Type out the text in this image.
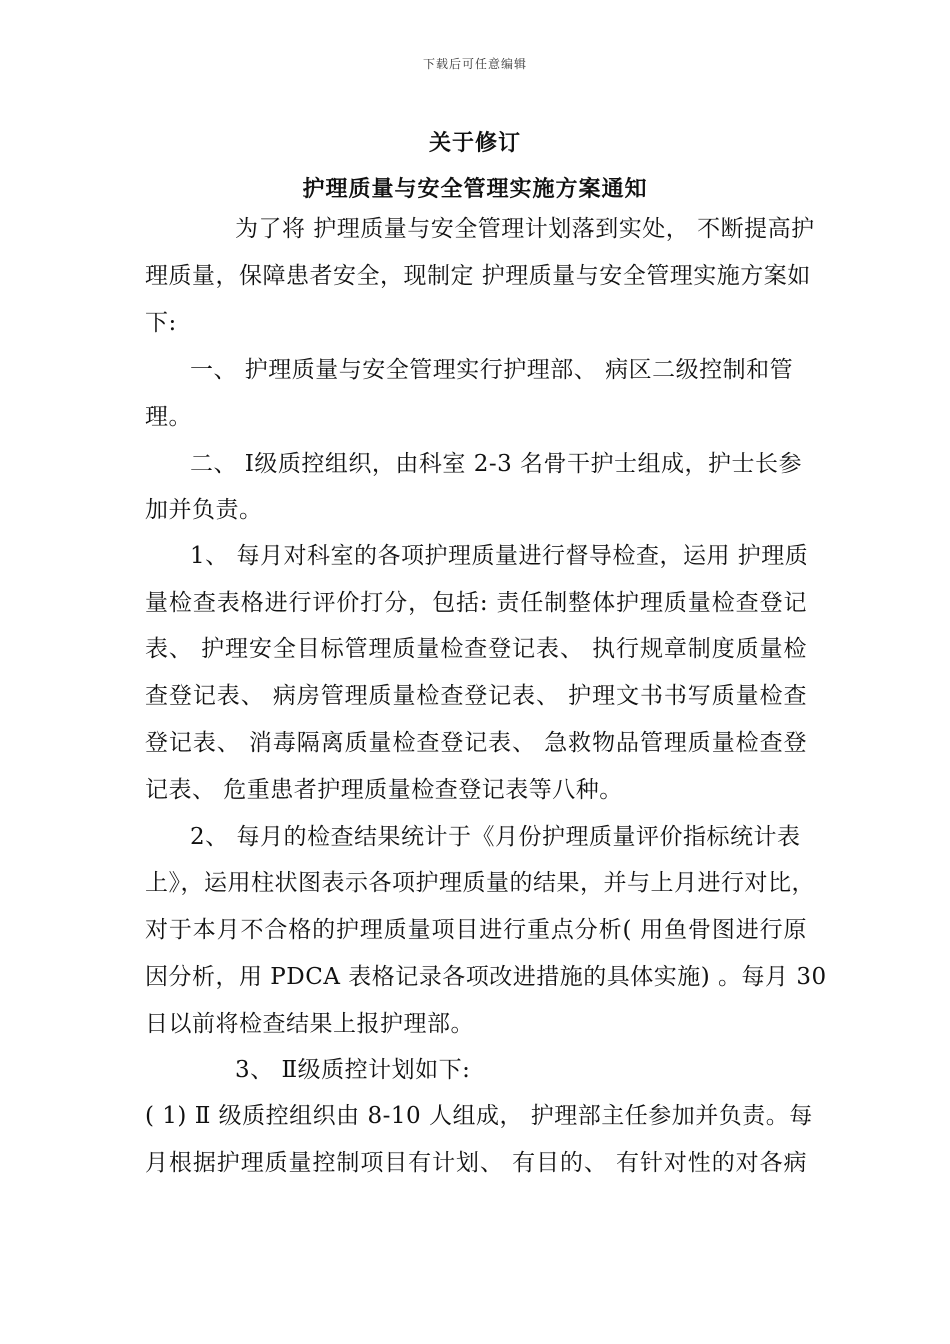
下载后可任意编辑
关于修订
护理质量与安全管理实施方案通知
为了将 护理质量与安全管理计划落到实处， 不断提高护
理质量，保障患者安全，现制定 护理质量与安全管理实施方案如
下:
一、 护理质量与安全管理实行护理部、 病区二级控制和管
理。
二、 Ⅰ级质控组织，由科室 2-3 名骨干护士组成，护士长参
加并负责。
1、 每月对科室的各项护理质量进行督导检查，运用 护理质
量检查表格进行评价打分，包括: 责任制整体护理质量检查登记
表、 护理安全目标管理质量检查登记表、 执行规章制度质量检
查登记表、 病房管理质量检查登记表、 护理文书书写质量检查
登记表、 消毒隔离质量检查登记表、 急救物品管理质量检查登
记表、 危重患者护理质量检查登记表等八种。
2、 每月的检查结果统计于《月份护理质量评价指标统计表
上》，运用柱状图表示各项护理质量的结果，并与上月进行对比，
对于本月不合格的护理质量项目进行重点分析( 用鱼骨图进行原
因分析，用 PDCA 表格记录各项改进措施的具体实施) 。每月 30
日以前将检查结果上报护理部。
3、 Ⅱ级质控计划如下:
( 1) Ⅱ 级质控组织由 8-10 人组成， 护理部主任参加并负责。每
月根据护理质量控制项目有计划、 有目的、 有针对性的对各病
